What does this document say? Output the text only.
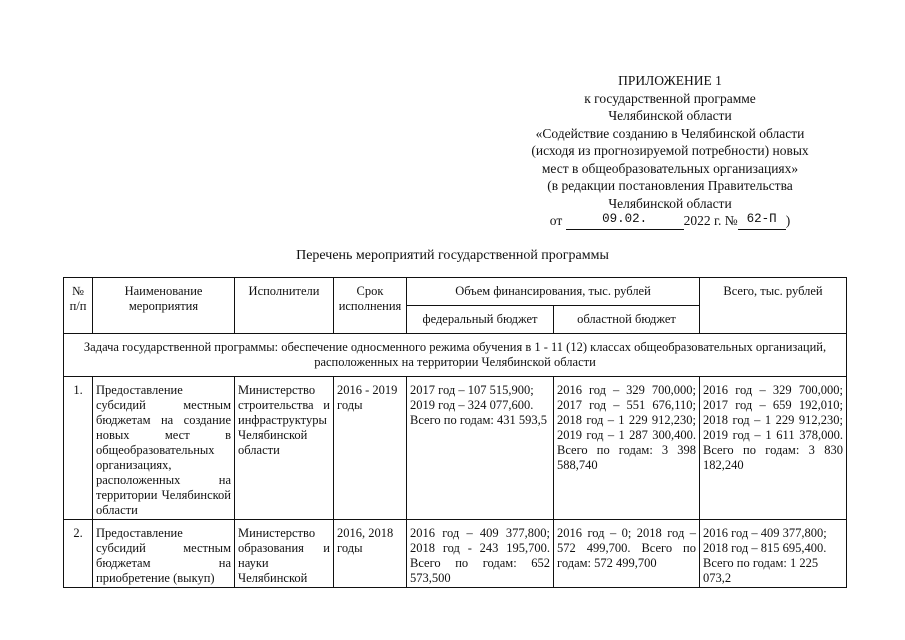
ПРИЛОЖЕНИЕ 1
к государственной программе
Челябинской области
«Содействие созданию в Челябинской области
(исходя из прогнозируемой потребности) новых
мест в общеобразовательных организациях»
(в редакции постановления Правительства
Челябинской области
от
	09.02.	2022 г.
№ 62-П )
Перечень мероприятий государственной программы
№ п/п	Наименование мероприятия	Исполнители	Срок исполнения	Объем финансирования, тыс. рублей		Всего, тыс. рублей
				федеральный бюджет	областной бюджет	
Задача государственной программы: обеспечение односменного режима обучения в 1 - 11 (12) классах общеобразовательных организаций, расположенных на территории Челябинской области						
1.	Предоставление субсидий местным бюджетам на создание новых мест в общеобразовательных организациях, расположенных на территории Челябинской области	Министерство строительства и инфраструктуры Челябинской области	2016 - 2019 годы	2017 год – 107 515,900; 2019 год – 324 077,600. Всего по годам: 431 593,5	2016 год – 329 700,000; 2017 год – 551 676,110; 2018 год – 1 229 912,230; 2019 год – 1 287 300,400. Всего по годам: 3 398 588,740	2016 год – 329 700,000; 2017 год – 659 192,010; 2018 год – 1 229 912,230; 2019 год – 1 611 378,000. Всего по годам: 3 830 182,240
2.	Предоставление субсидий местным бюджетам на приобретение (выкуп)	Министерство образования и науки Челябинской	2016, 2018 годы	2016 год – 409 377,800; 2018 год - 243 195,700. Всего по годам: 652 573,500	2016 год – 0; 2018 год – 572 499,700. Всего по годам: 572 499,700	2016 год – 409 377,800; 2018 год – 815 695,400. Всего по годам: 1 225 073,2
